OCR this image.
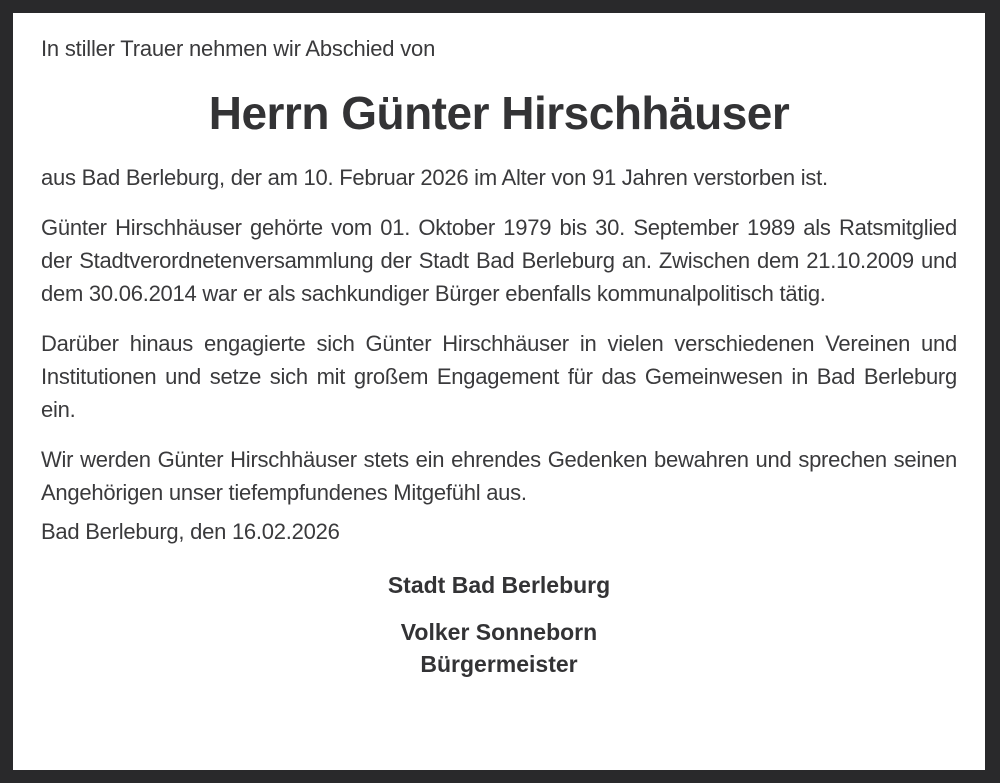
In stiller Trauer nehmen wir Abschied von
Herrn Günter Hirschhäuser

aus Bad Berleburg, der am 10. Februar 2026 im Alter von 91 Jahren verstorben ist.

Günter Hirschhäuser gehörte vom 01. Oktober 1979 bis 30. September 1989 als Ratsmitglied der Stadtverordnetenversammlung der Stadt Bad Berleburg an. Zwischen dem 21.10.2009 und dem 30.06.2014 war er als sachkundiger Bürger ebenfalls kommunalpolitisch tätig.

Darüber hinaus engagierte sich Günter Hirschhäuser in vielen verschiedenen Vereinen und Institutionen und setze sich mit großem Engagement für das Gemeinwesen in Bad Berleburg ein.

Wir werden Günter Hirschhäuser stets ein ehrendes Gedenken bewahren und sprechen seinen Angehörigen unser tiefempfundenes Mitgefühl aus.

Bad Berleburg, den 16.02.2026

Stadt Bad Berleburg

Volker Sonneborn

Bürgermeister
